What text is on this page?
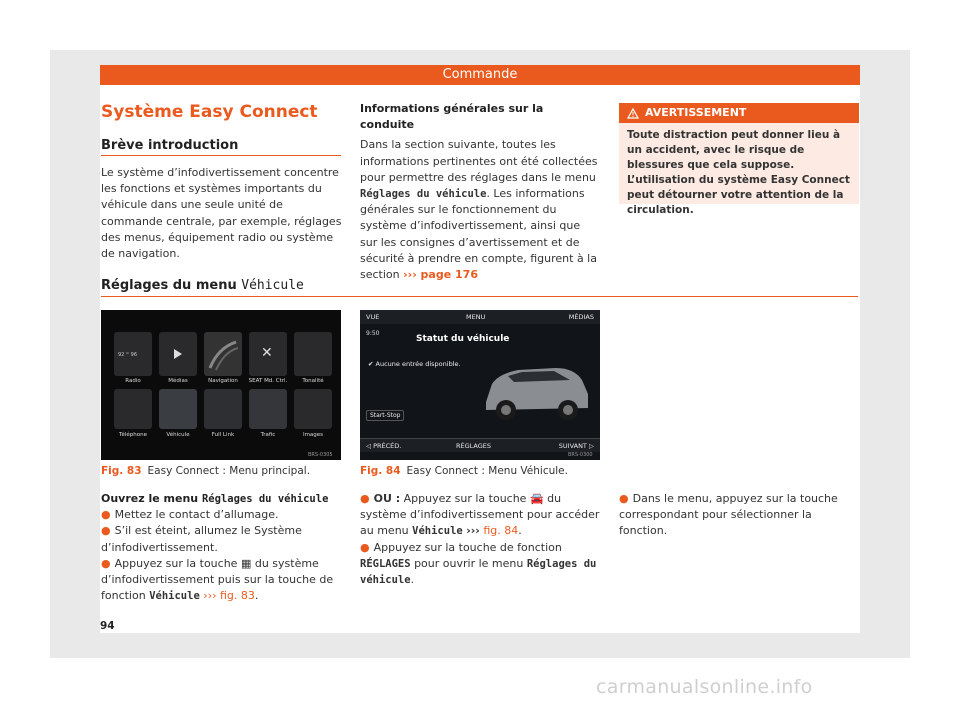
Commande
Système Easy Connect
Brève introduction
Le système d’infodivertissement concentre les fonctions et systèmes importants du véhicule dans une seule unité de commande centrale, par exemple, réglages des menus, équipement radio ou système de navigation.
Informations générales sur la conduite
Dans la section suivante, toutes les informations pertinentes ont été collectées pour permettre des réglages dans le menu Réglages du véhicule. Les informations générales sur le fonctionnement du système d’infodivertissement, ainsi que sur les consignes d’avertissement et de sécurité à prendre en compte, figurent à la section ››› page 176
AVERTISSEMENT
Toute distraction peut donner lieu à un accident, avec le risque de blessures que cela suppose. L’utilisation du système Easy Connect peut détourner votre attention de la circulation.
Réglages du menu Véhicule
92 ᵐ 96	✕
Radio	Médias	Navigation	SEAT Md. Ctrl.	Tonalité
Téléphone	Véhicule	Full Link	Trafic	Images
BRS-0305
Fig. 83 Easy Connect : Menu principal.
VUE	MENU	MÉDIAS
9:50
Statut du véhicule
✔ Aucune entrée disponible.
Start-Stop
◁ PRÉCÉD.	RÉGLAGES	SUIVANT ▷
BRS-0300
Fig. 84 Easy Connect : Menu Véhicule.
Ouvrez le menu Réglages du véhicule
● Mettez le contact d’allumage.
● S’il est éteint, allumez le Système d’infodivertissement.
● Appuyez sur la touche ▦ du système d’infodivertissement puis sur la touche de fonction Véhicule ››› fig. 83.
● OU : Appuyez sur la touche 🚘 du système d’infodivertissement pour accéder au menu Véhicule ››› fig. 84.
● Appuyez sur la touche de fonction RÉGLAGES pour ouvrir le menu Réglages du véhicule.
● Dans le menu, appuyez sur la touche correspondant pour sélectionner la fonction.
94
carmanualsonline.info
